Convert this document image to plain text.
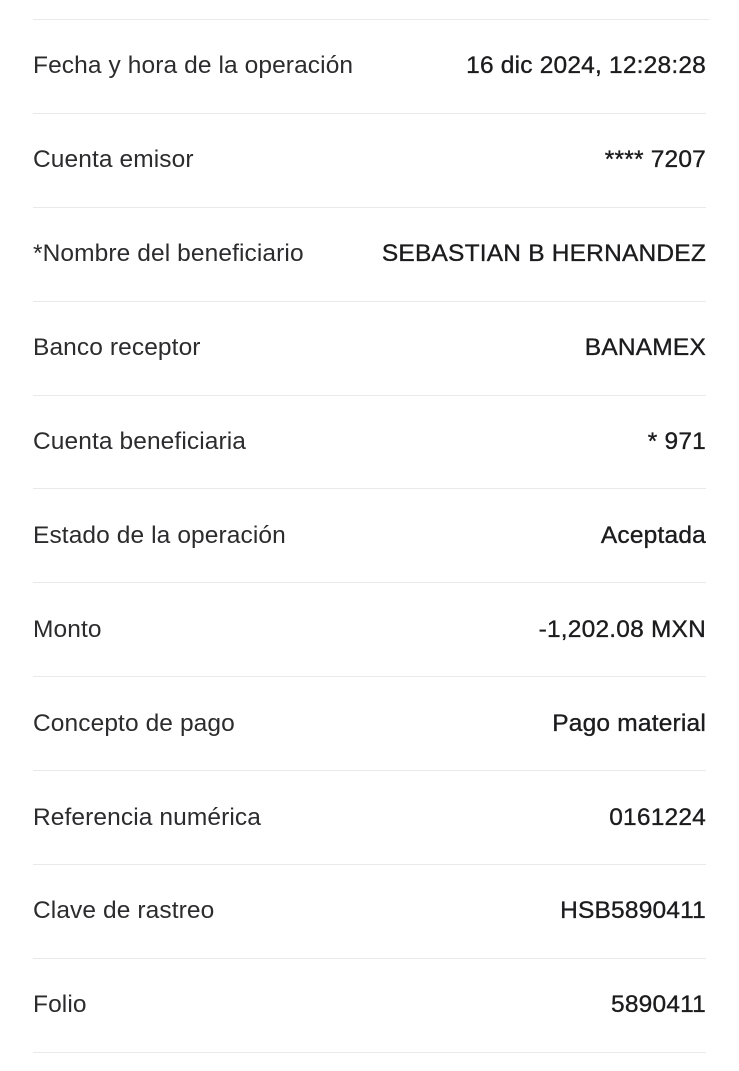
Fecha y hora de la operación	16 dic 2024, 12:28:28
Cuenta emisor	**** 7207
*Nombre del beneficiario	SEBASTIAN B HERNANDEZ
Banco receptor	BANAMEX
Cuenta beneficiaria	* 971
Estado de la operación	Aceptada
Monto	-1,202.08 MXN
Concepto de pago	Pago material
Referencia numérica	0161224
Clave de rastreo	HSB5890411
Folio	5890411
